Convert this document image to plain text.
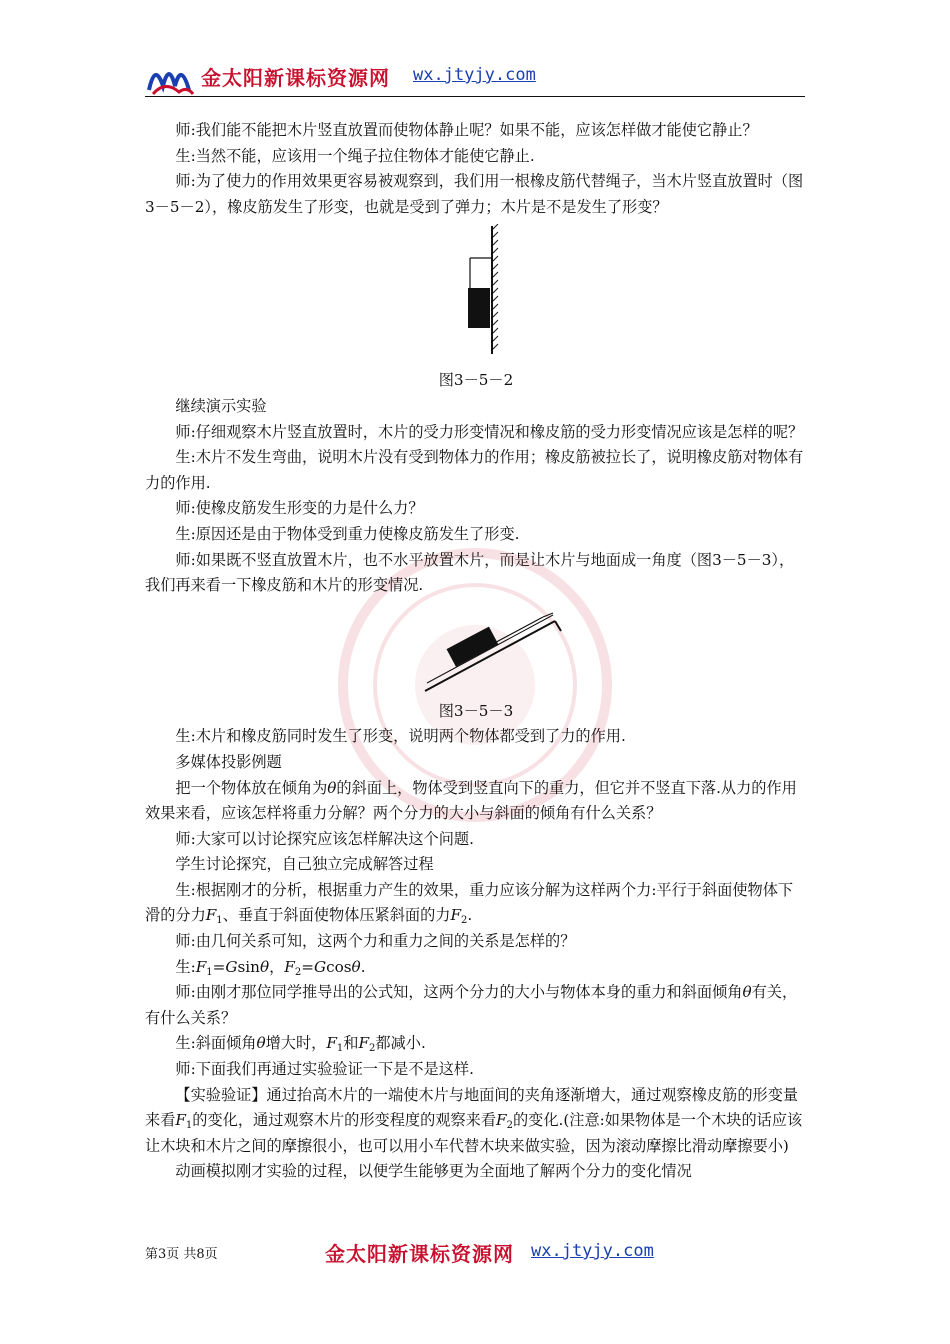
金太阳新课标资源网 wx.jtyjy.com

师:我们能不能把木片竖直放置而使物体静止呢？如果不能，应该怎样做才能使它静止？

生:当然不能，应该用一个绳子拉住物体才能使它静止.

师:为了使力的作用效果更容易被观察到，我们用一根橡皮筋代替绳子，当木片竖直放置时（图3－5－2），橡皮筋发生了形变，也就是受到了弹力；木片是不是发生了形变？

图3－5－2

继续演示实验

师:仔细观察木片竖直放置时，木片的受力形变情况和橡皮筋的受力形变情况应该是怎样的呢？

生:木片不发生弯曲，说明木片没有受到物体力的作用；橡皮筋被拉长了，说明橡皮筋对物体有力的作用.

师:使橡皮筋发生形变的力是什么力？

生:原因还是由于物体受到重力使橡皮筋发生了形变.

师:如果既不竖直放置木片，也不水平放置木片，而是让木片与地面成一角度（图3－5－3），我们再来看一下橡皮筋和木片的形变情况.

图3－5－3

生:木片和橡皮筋同时发生了形变，说明两个物体都受到了力的作用.

多媒体投影例题

把一个物体放在倾角为θ的斜面上，物体受到竖直向下的重力，但它并不竖直下落.从力的作用效果来看，应该怎样将重力分解？两个分力的大小与斜面的倾角有什么关系？

师:大家可以讨论探究应该怎样解决这个问题.

学生讨论探究，自己独立完成解答过程

生:根据刚才的分析，根据重力产生的效果，重力应该分解为这样两个力:平行于斜面使物体下滑的分力$F_1$、垂直于斜面使物体压紧斜面的力$F_2$.

师:由几何关系可知，这两个力和重力之间的关系是怎样的？

生$:F_1=Gsin\theta$，$F_2=Gcos\theta$.

师:由刚才那位同学推导出的公式知，这两个分力的大小与物体本身的重力和斜面倾角θ有关，有什么关系？

生:斜面倾角θ增大时，$F_1$和$F_2$都减小.

师:下面我们再通过实验验证一下是不是这样.

【实验验证】通过抬高木片的一端使木片与地面间的夹角逐渐增大，通过观察橡皮筋的形变量来看$F_1$的变化，通过观察木片的形变程度的观察来看$F_2$的变化.(注意:如果物体是一个木块的话应该让木块和木片之间的摩擦很小，也可以用小车代替木块来做实验，因为滚动摩擦比滑动摩擦要小)

动画模拟刚才实验的过程，以便学生能够更为全面地了解两个分力的变化情况

第3页 共8页	金太阳新课标资源网 wx.jtyjy.com
